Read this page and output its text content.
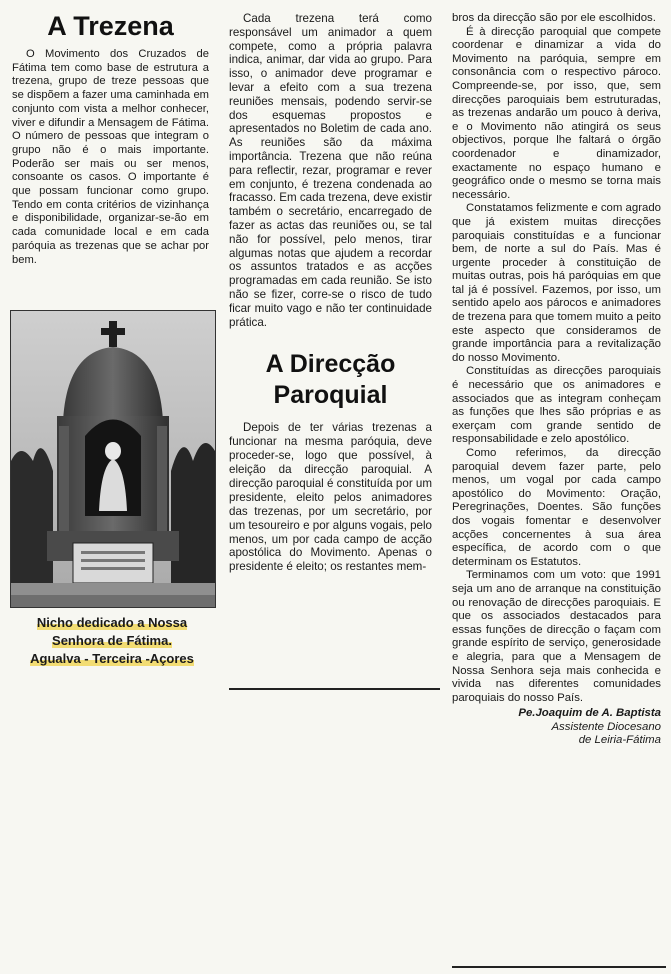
A Trezena

O Movimento dos Cruzados de Fátima tem como base de estrutura a trezena, grupo de treze pessoas que se dispõem a fazer uma caminhada em conjunto com vista a melhor conhecer, viver e difundir a Mensagem de Fátima. O número de pessoas que integram o grupo não é o mais importante. Poderão ser mais ou ser menos, consoante os casos. O importante é que possam funcionar como grupo. Tendo em conta critérios de vizinhança e disponibilidade, organizar-se-ão em cada comunidade local e em cada paróquia as trezenas que se achar por bem.

Nicho dedicado a Nossa
Senhora de Fátima.
Agualva - Terceira -Açores

Cada trezena terá como responsável um animador a quem compete, como a própria palavra indica, animar, dar vida ao grupo. Para isso, o animador deve programar e levar a efeito com a sua trezena reuniões mensais, podendo servir-se dos esquemas propostos e apresentados no Boletim de cada ano. As reuniões são da máxima importância. Trezena que não reúna para reflectir, rezar, programar e rever em conjunto, é trezena condenada ao fracasso. Em cada trezena, deve existir também o secretário, encarregado de fazer as actas das reuniões ou, se tal não for possível, pelo menos, tirar algumas notas que ajudem a recordar os assuntos tratados e as acções programadas em cada reunião. Se isto não se fizer, corre-se o risco de tudo ficar muito vago e não ter continuidade prática.

A Direcção
Paroquial

Depois de ter várias trezenas a funcionar na mesma paróquia, deve proceder-se, logo que possível, à eleição da direcção paroquial. A direcção paroquial é constituída por um presidente, eleito pelos animadores das trezenas, por um secretário, por um tesoureiro e por alguns vogais, pelo menos, um por cada campo de acção apostólica do Movimento. Apenas o presidente é eleito; os restantes mem-

bros da direcção são por ele escolhidos.

É à direcção paroquial que compete coordenar e dinamizar a vida do Movimento na paróquia, sempre em consonância com o respectivo pároco. Compreende-se, por isso, que, sem direcções paroquiais bem estruturadas, as trezenas andarão um pouco à deriva, e o Movimento não atingirá os seus objectivos, porque lhe faltará o órgão coordenador e dinamizador, exactamente no espaço humano e geográfico onde o mesmo se torna mais necessário.

Constatamos felizmente e com agrado que já existem muitas direcções paroquiais constituídas e a funcionar bem, de norte a sul do País. Mas é urgente proceder à constituição de muitas outras, pois há paróquias em que tal já é possível. Fazemos, por isso, um sentido apelo aos párocos e animadores de trezena para que tomem muito a peito este aspecto que consideramos de grande importância para a revitalização do nosso Movimento.

Constituídas as direcções paroquiais é necessário que os animadores e associados que as integram conheçam as funções que lhes são próprias e as exerçam com grande sentido de responsabilidade e zelo apostólico.

Como referimos, da direcção paroquial devem fazer parte, pelo menos, um vogal por cada campo apostólico do Movimento: Oração, Peregrinações, Doentes. São funções dos vogais fomentar e desenvolver acções concernentes à sua área específica, de acordo com o que determinam os Estatutos.

Terminamos com um voto: que 1991 seja um ano de arranque na constituição ou renovação de direcções paroquiais. E que os associados destacados para essas funções de direcção o façam com grande espírito de serviço, generosidade e alegria, para que a Mensagem de Nossa Senhora seja mais conhecida e vivida nas diferentes comunidades paroquiais do nosso País.

Pe.Joaquim de A. Baptista

Assistente Diocesano

de Leiria-Fátima
